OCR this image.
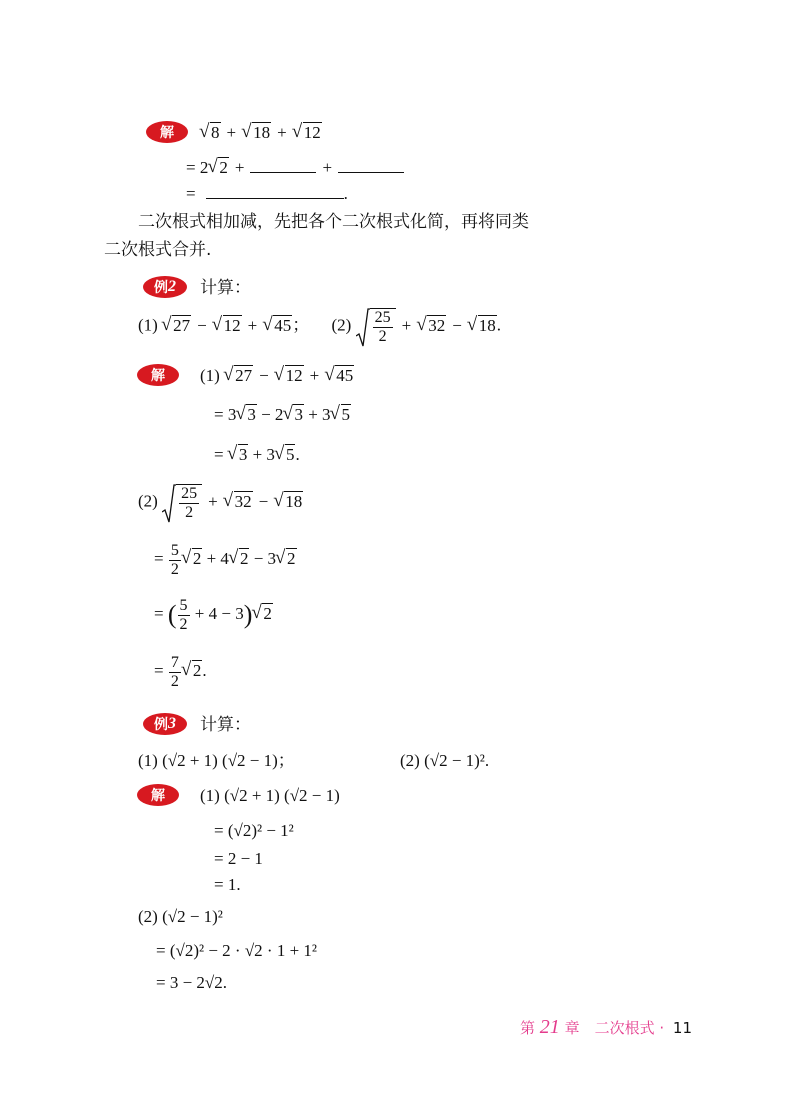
解
√	8 +√ 18 +√ 12
= 2√ 2 +	+
=	.
二次根式相加减，先把各个二次根式化简，再将同类
二次根式合并.
例 2 计算：
(1) √ 27 −√ 12 +√ 45； $(2) \frac{25}{2}$ +√ 32 −√ 18.
解	(1) √ 27 −√ 12 +√ 45
= 3√ 3 − 2√ 3 + 3√ 5
= √ 3 + 3√ 5.
$(2) \frac{25}{2}$ +√ 32 −√ 18
= $\frac{5}{2}$
√ 2 + 4√ 2 − 3√ 2
= ( $\frac{5}{2} + 4 - 3)√$ 2
= $\frac{7}{2}$
√ 2.
例 3 计算：
(1) (√2 + 1) (√2 − 1)；	(2) (√2 − 1)².
解	(1) (√2 + 1) (√2 − 1)
= (√2)² − 1²
= 2 − 1
= 1.
(2) (√2 − 1)²
= (√2)² − 2 · √2 · 1 + 1²
= 3 − 2√2.
第 21 章　二次根式 · 11
